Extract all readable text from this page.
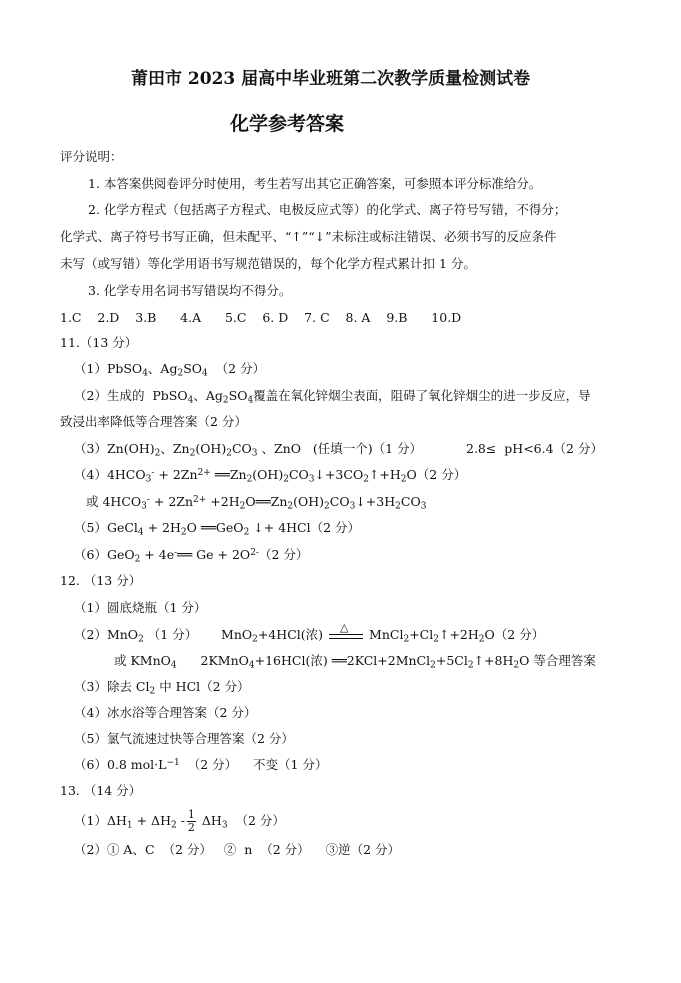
莆田市 2023 届高中毕业班第二次教学质量检测试卷
化学参考答案
评分说明：
1. 本答案供阅卷评分时使用，考生若写出其它正确答案，可参照本评分标准给分。
2. 化学方程式（包括离子方程式、电极反应式等）的化学式、离子符号写错，不得分；
化学式、离子符号书写正确，但未配平、“↑”“↓”未标注或标注错误、必须书写的反应条件
未写（或写错）等化学用语书写规范错误的，每个化学方程式累计扣 1 分。
3. 化学专用名词书写错误均不得分。
1.C    2.D    3.B      4.A      5.C    6. D    7. C    8. A    9.B      10.D
11.（13 分）
（1）PbSO$_4$、$Ag_2SO_4$  （2 分）
（2）生成的  PbSO$_4$、$Ag_2SO_4$覆盖在氧化锌烟尘表面，阻碍了氧化锌烟尘的进一步反应，导
致浸出率降低等合理答案（2 分）
$(3)Zn(OH)_2$、$Zn_2(OH)_2CO_3$ 、ZnO   (任填一个)（1 分）	2.8≤  pH<6.4（2 分）
$(4)4HCO_3^- + 2Zn^{2+}$ $══Zn_2(OH)_2CO_3↓+3CO_2↑+H_2O(2$ 分）
或 $4HCO_3^- + 2Zn^{2+}$ $+2H_2O══Zn_2(OH)_2CO_3↓+3H_2CO_3$
（5）GeCl$_4$ + $2H_2O$ ══GeO$_2$ ↓+ 4HCl（2 分）
（6）GeO$_2$ + 4e-══ $Ge + 2O^{2-}(2$ 分）
12. （13 分）
（1）圆底烧瓶（1 分）
（2）MnO$_2$ （1 分）      MnO$_2$+4HCl(浓) △ $MnCl_2+Cl_2↑+2H_2O(2$ 分）
或 KMnO$_4$      2KMnO$_4$+16HCl(浓) $══2KCl+2MnCl_2+5Cl_2↑+8H_2O$ 等合理答案
（3）除去 $Cl_2$ 中 HCl（2 分）
（4）冰水浴等合理答案（2 分）
（5）氯气流速过快等合理答案（2 分）
（6）0.8 $mol\cdot L^{-1}$  （2 分）    不变（1 分）
13. （14 分）
$(1)\Delta H_1 + \Delta H_2 - \frac{1}{2} \Delta H_3$  （2 分）
（2）① A、C  （2 分）   ②  n  （2 分）    ③逆（2 分）
